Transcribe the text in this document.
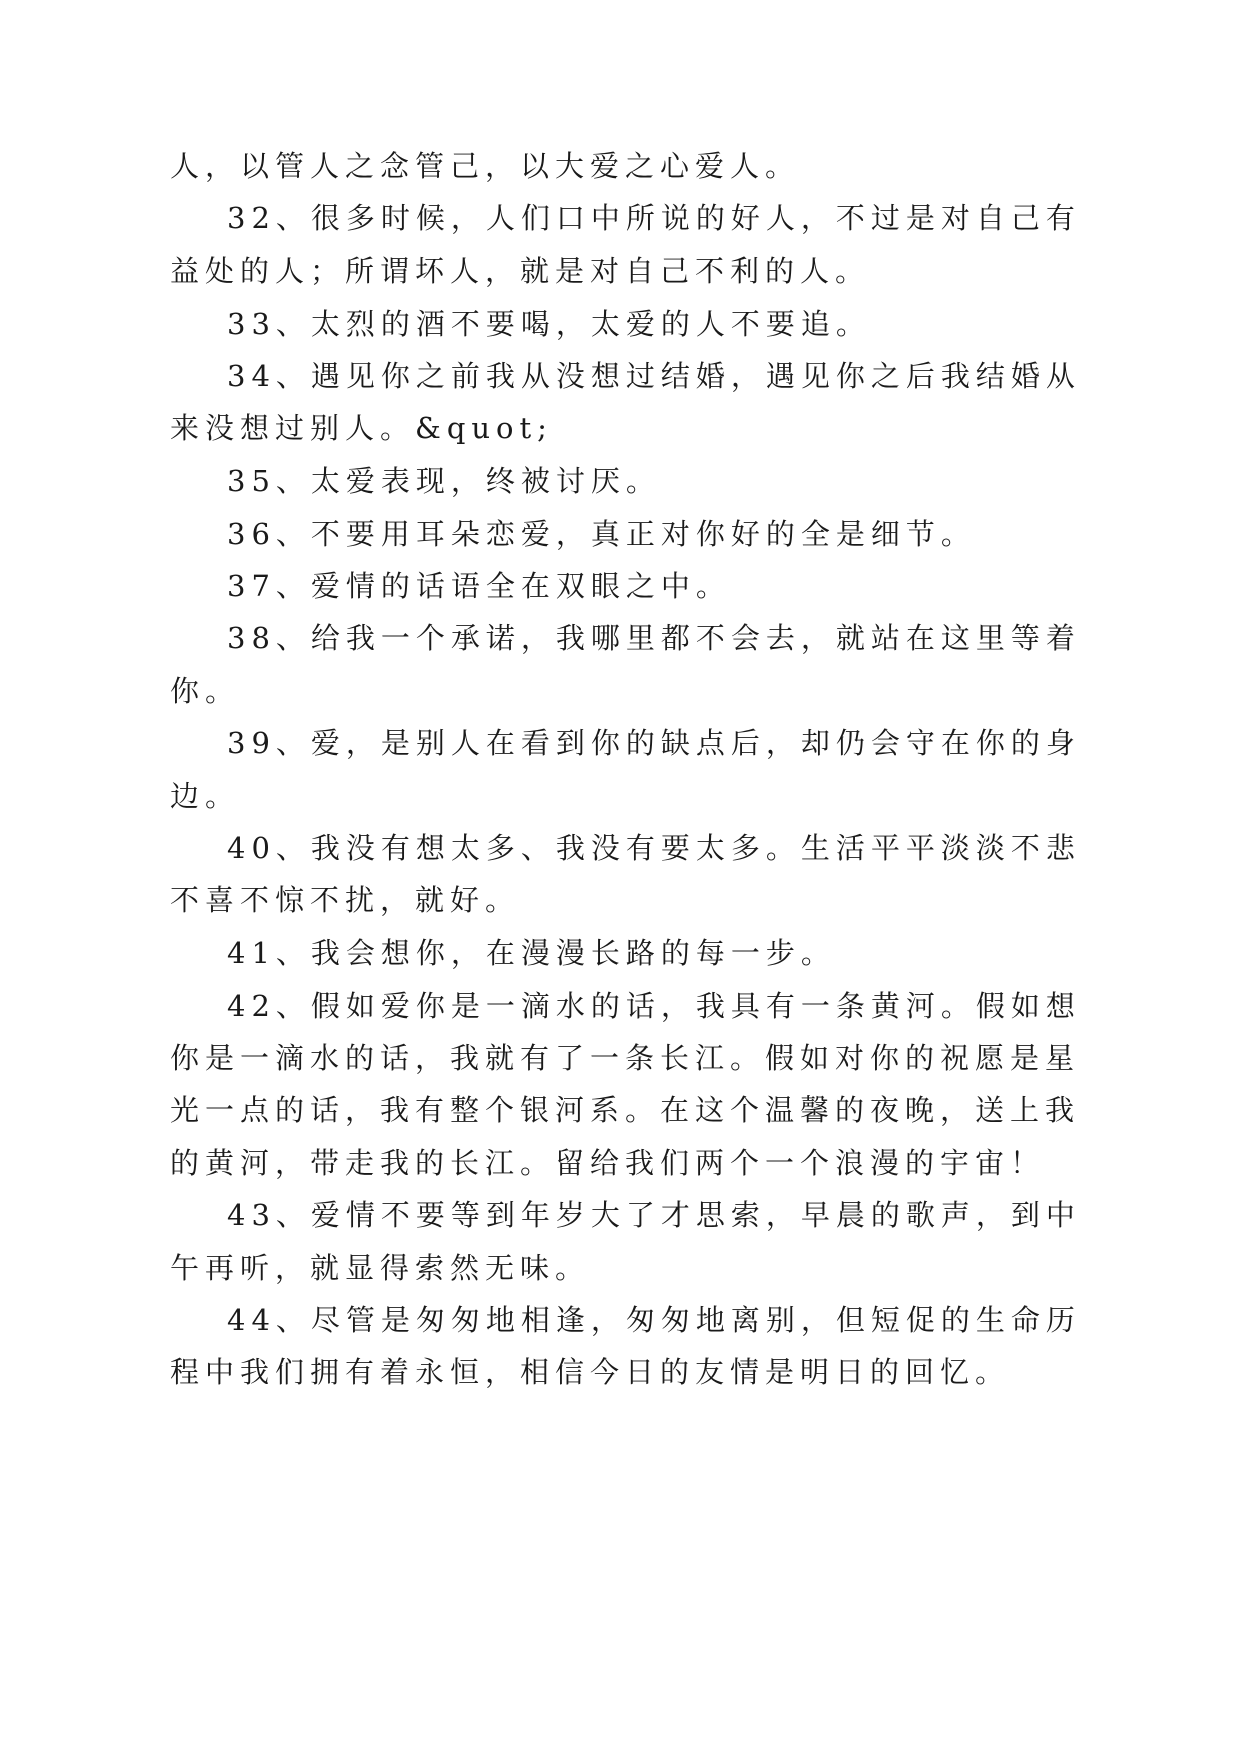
人，以管人之念管己，以大爱之心爱人。
32、很多时候，人们口中所说的好人，不过是对自己有
益处的人；所谓坏人，就是对自己不利的人。
33、太烈的酒不要喝，太爱的人不要追。
34、遇见你之前我从没想过结婚，遇见你之后我结婚从
来没想过别人。&quot;
35、太爱表现，终被讨厌。
36、不要用耳朵恋爱，真正对你好的全是细节。
37、爱情的话语全在双眼之中。
38、给我一个承诺，我哪里都不会去，就站在这里等着
你。
39、爱，是别人在看到你的缺点后，却仍会守在你的身
边。
40、我没有想太多、我没有要太多。生活平平淡淡不悲
不喜不惊不扰，就好。
41、我会想你，在漫漫长路的每一步。
42、假如爱你是一滴水的话，我具有一条黄河。假如想
你是一滴水的话，我就有了一条长江。假如对你的祝愿是星
光一点的话，我有整个银河系。在这个温馨的夜晚，送上我
的黄河，带走我的长江。留给我们两个一个浪漫的宇宙！
43、爱情不要等到年岁大了才思索，早晨的歌声，到中
午再听，就显得索然无味。
44、尽管是匆匆地相逢，匆匆地离别，但短促的生命历
程中我们拥有着永恒，相信今日的友情是明日的回忆。
